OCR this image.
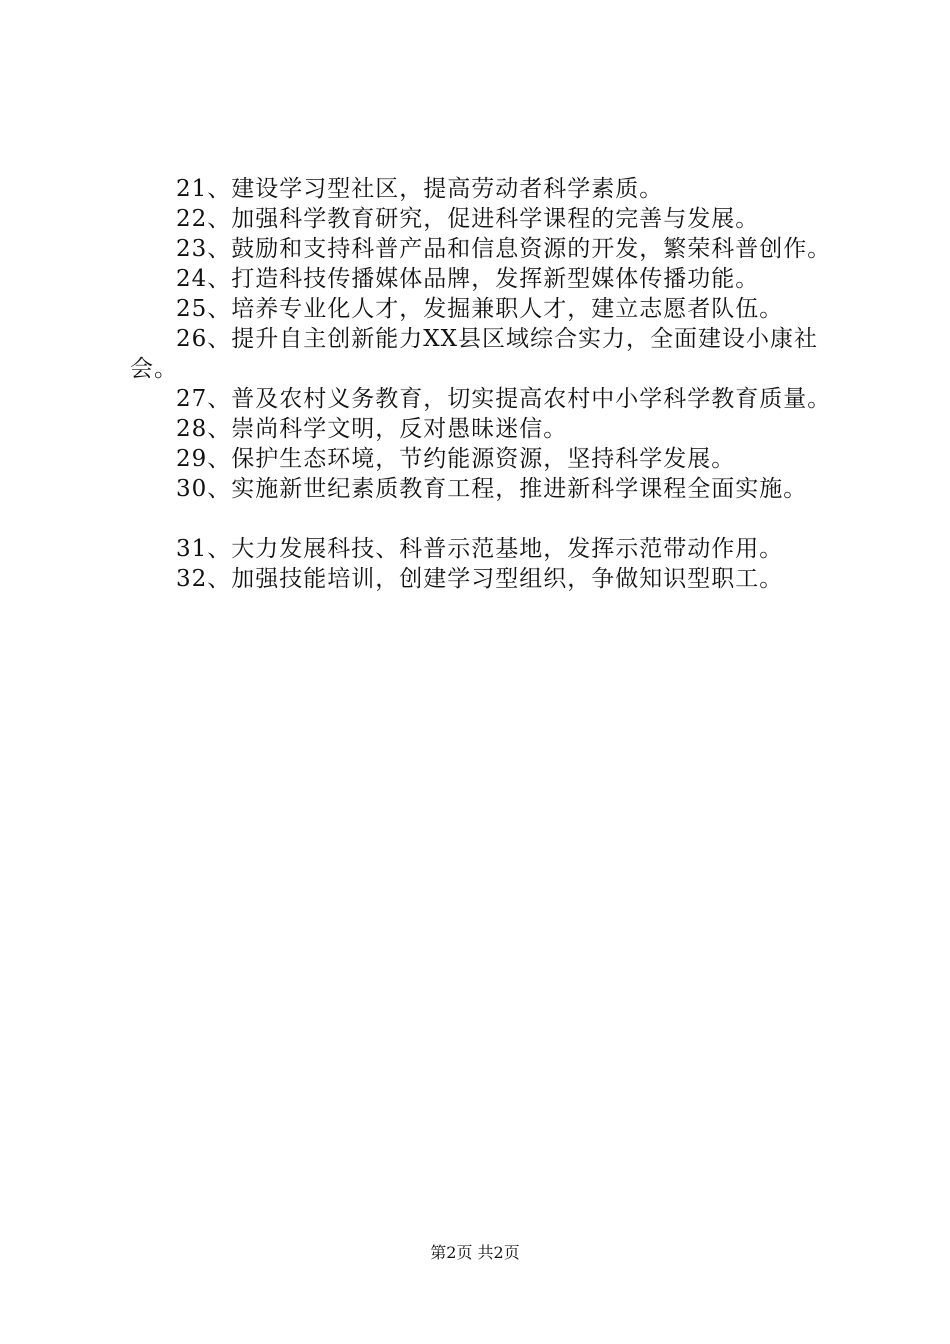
21、建设学习型社区，提高劳动者科学素质。

22、加强科学教育研究，促进科学课程的完善与发展。

23、鼓励和支持科普产品和信息资源的开发，繁荣科普创作。

24、打造科技传播媒体品牌，发挥新型媒体传播功能。

25、培养专业化人才，发掘兼职人才，建立志愿者队伍。

26、提升自主创新能力XX县区域综合实力，全面建设小康社会。

27、普及农村义务教育，切实提高农村中小学科学教育质量。

28、崇尚科学文明，反对愚昧迷信。

29、保护生态环境，节约能源资源，坚持科学发展。

30、实施新世纪素质教育工程，推进新科学课程全面实施。

31、大力发展科技、科普示范基地，发挥示范带动作用。

32、加强技能培训，创建学习型组织，争做知识型职工。

第2页 共2页
